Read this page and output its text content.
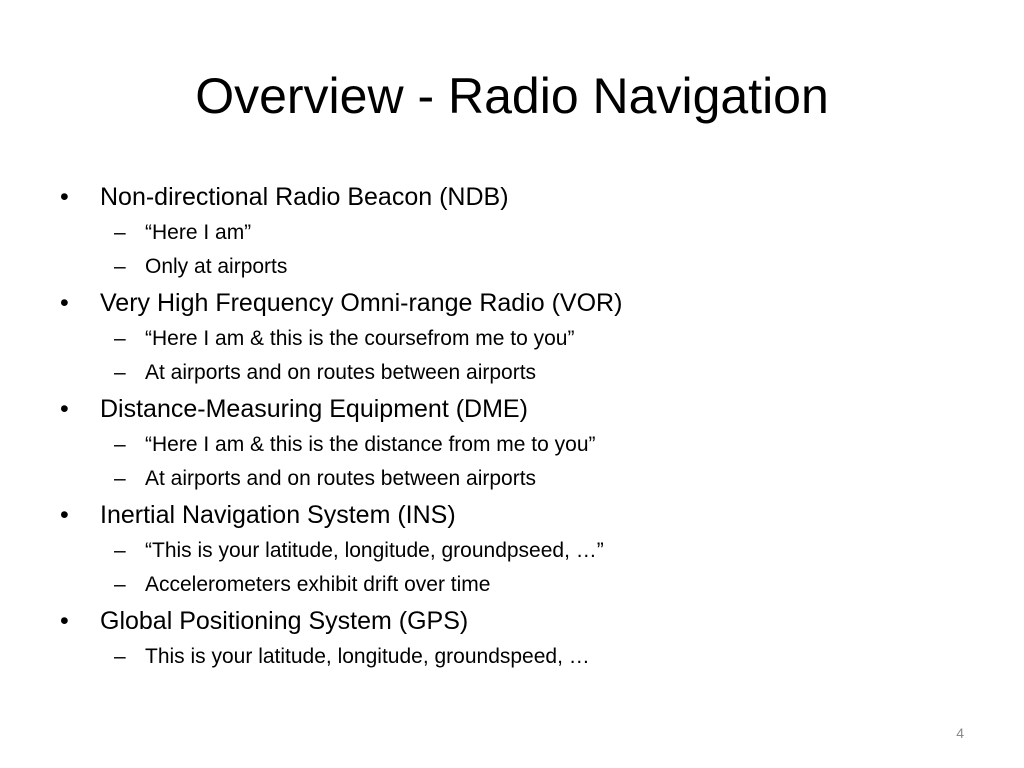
Overview - Radio Navigation
•	Non-directional Radio Beacon (NDB)
– “Here I am”
– Only at airports
•	Very High Frequency Omni-range Radio (VOR)
– “Here I am & this is the coursefrom me to you”
– At airports and on routes between airports
•	Distance-Measuring Equipment (DME)
– “Here I am & this is the distance from me to you”
– At airports and on routes between airports
•	Inertial Navigation System (INS)
– “This is your latitude, longitude, groundpseed, …”
– Accelerometers exhibit drift over time
•	Global Positioning System (GPS)
– This is your latitude, longitude, groundspeed, …
4
